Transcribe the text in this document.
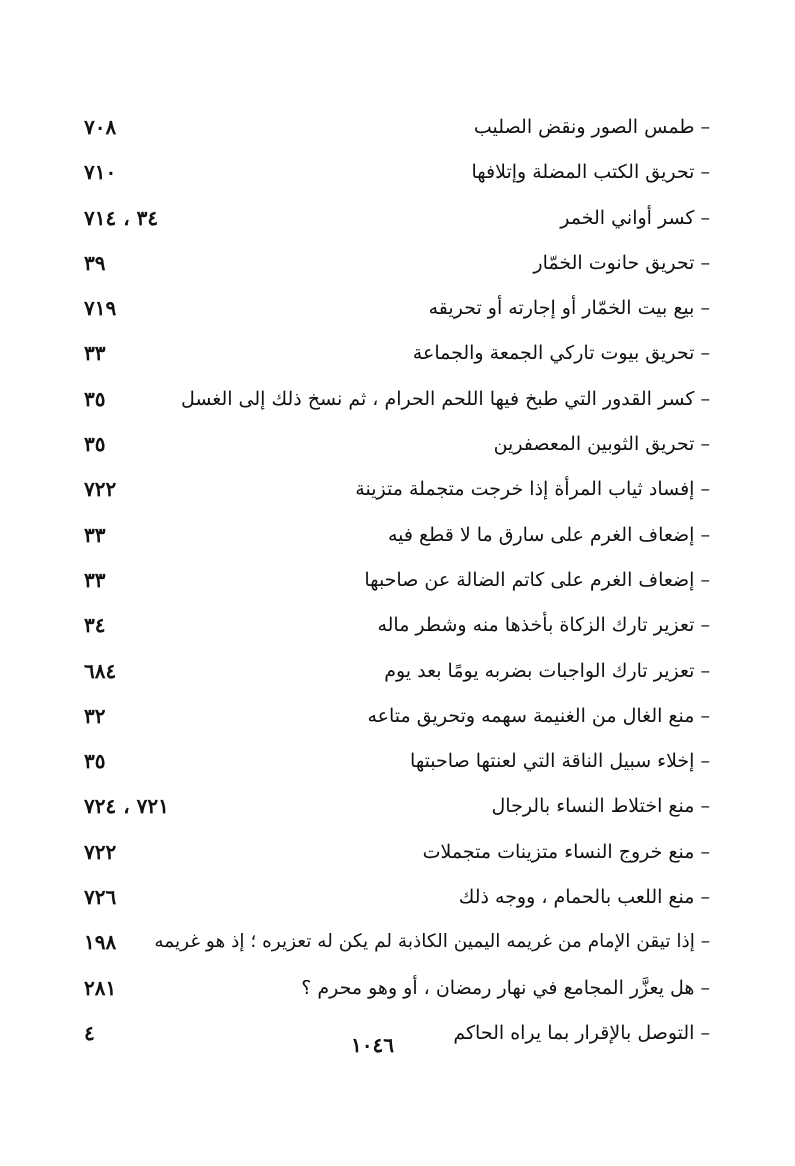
– طمس الصور ونقض الصليب
٧٠٨
– تحريق الكتب المضلة وإتلافها
٧١٠
– كسر أواني الخمر
٣٤ ، ٧١٤
– تحريق حانوت الخمّار
٣٩
– بيع بيت الخمّار أو إجارته أو تحريقه
٧١٩
– تحريق بيوت تاركي الجمعة والجماعة
٣٣
– كسر القدور التي طبخ فيها اللحم الحرام ، ثم نسخ ذلك إلى الغسل
٣٥
– تحريق الثوبين المعصفرين
٣٥
– إفساد ثياب المرأة إذا خرجت متجملة متزينة
٧٢٢
– إضعاف الغرم على سارق ما لا قطع فيه
٣٣
– إضعاف الغرم على كاتم الضالة عن صاحبها
٣٣
– تعزير تارك الزكاة بأخذها منه وشطر ماله
٣٤
– تعزير تارك الواجبات بضربه يومًا بعد يوم
٦٨٤
– منع الغال من الغنيمة سهمه وتحريق متاعه
٣٢
– إخلاء سبيل الناقة التي لعنتها صاحبتها
٣٥
– منع اختلاط النساء بالرجال
٧٢١ ، ٧٢٤
– منع خروج النساء متزينات متجملات
٧٢٢
– منع اللعب بالحمام ، ووجه ذلك
٧٢٦
– إذا تيقن الإمام من غريمه اليمين الكاذبة لم يكن له تعزيره ؛ إذ هو غريمه
١٩٨
– هل يعزَّر المجامع في نهار رمضان ، أو وهو محرم ؟
٢٨١
– التوصل بالإقرار بما يراه الحاكم
٤
١٠٤٦
